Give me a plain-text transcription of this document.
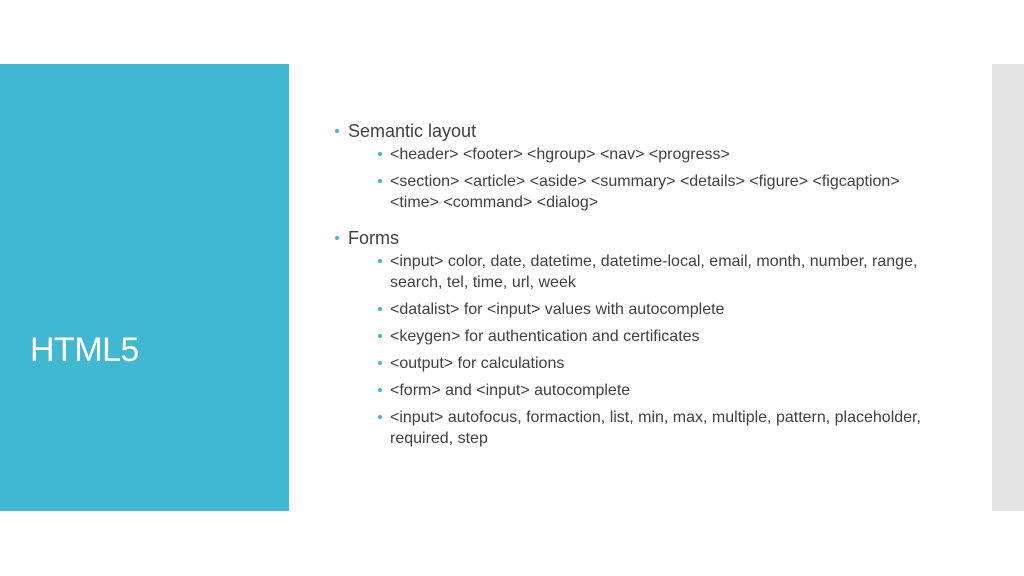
HTML5
Semantic layout
<header> <footer> <hgroup> <nav> <progress>
<section> <article> <aside> <summary> <details> <figure> <figcaption> <time> <command> <dialog>
Forms
<input> color, date, datetime, datetime-local, email, month, number, range, search, tel, time, url, week
<datalist> for <input> values with autocomplete
<keygen> for authentication and certificates
<output> for calculations
<form> and <input> autocomplete
<input> autofocus, formaction, list, min, max, multiple, pattern, placeholder, required, step
